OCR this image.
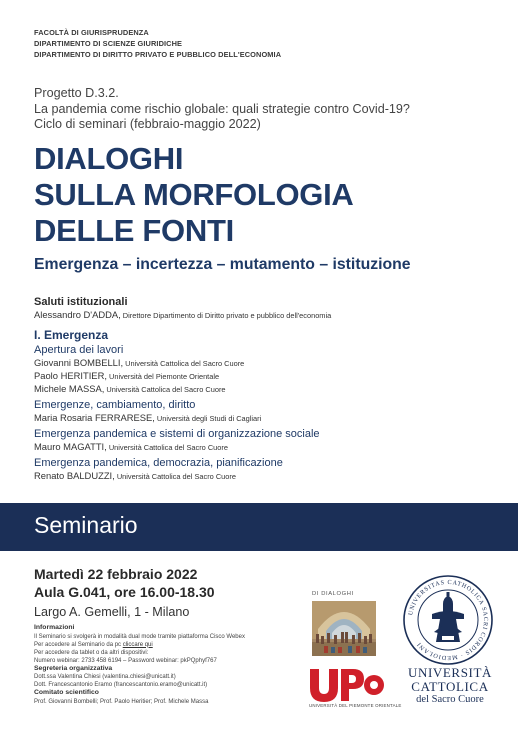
FACOLTÀ DI GIURISPRUDENZA
DIPARTIMENTO DI SCIENZE GIURIDICHE
DIPARTIMENTO DI DIRITTO PRIVATO E PUBBLICO DELL'ECONOMIA
Progetto D.3.2.
La pandemia come rischio globale: quali strategie contro Covid-19?
Ciclo di seminari (febbraio-maggio 2022)
DIALOGHI
SULLA MORFOLOGIA
DELLE FONTI
Emergenza – incertezza – mutamento – istituzione
Saluti istituzionali
Alessandro D'ADDA, Direttore Dipartimento di Diritto privato e pubblico dell'economia
I. Emergenza
Apertura dei lavori
Giovanni BOMBELLI, Università Cattolica del Sacro Cuore
Paolo HERITIER, Università del Piemonte Orientale
Michele MASSA, Università Cattolica del Sacro Cuore
Emergenze, cambiamento, diritto
Maria Rosaria FERRARESE, Università degli Studi di Cagliari
Emergenza pandemica e sistemi di organizzazione sociale
Mauro MAGATTI, Università Cattolica del Sacro Cuore
Emergenza pandemica, democrazia, pianificazione
Renato BALDUZZI, Università Cattolica del Sacro Cuore
Seminario
Martedì 22 febbraio 2022
Aula G.041, ore 16.00-18.30
Largo A. Gemelli, 1 - Milano
Informazioni
Il Seminario si svolgerà in modalità dual mode tramite piattaforma Cisco Webex
Per accedere al Seminario da pc cliccare qui
Per accedere da tablet o da altri dispositivi:
Numero webinar: 2733 458 6194 – Password webinar: pkPQphyf767
Segreteria organizzativa
Dott.ssa Valentina Chiesi (valentina.chiesi@unicatt.it)
Dott. Francescantonio Eramo (francescantonio.eramo@unicatt.it)
Comitato scientifico
Prof. Giovanni Bombelli; Prof. Paolo Heritier; Prof. Michele Massa
DI DIALOGHI
UPO
UNIVERSITÀ DEL PIEMONTE ORIENTALE
UNIVERSITAS CATHOLICA SACRI CORDIS · MEDIOLANI
UNIVERSITÀ
CATTOLICA
del Sacro Cuore
